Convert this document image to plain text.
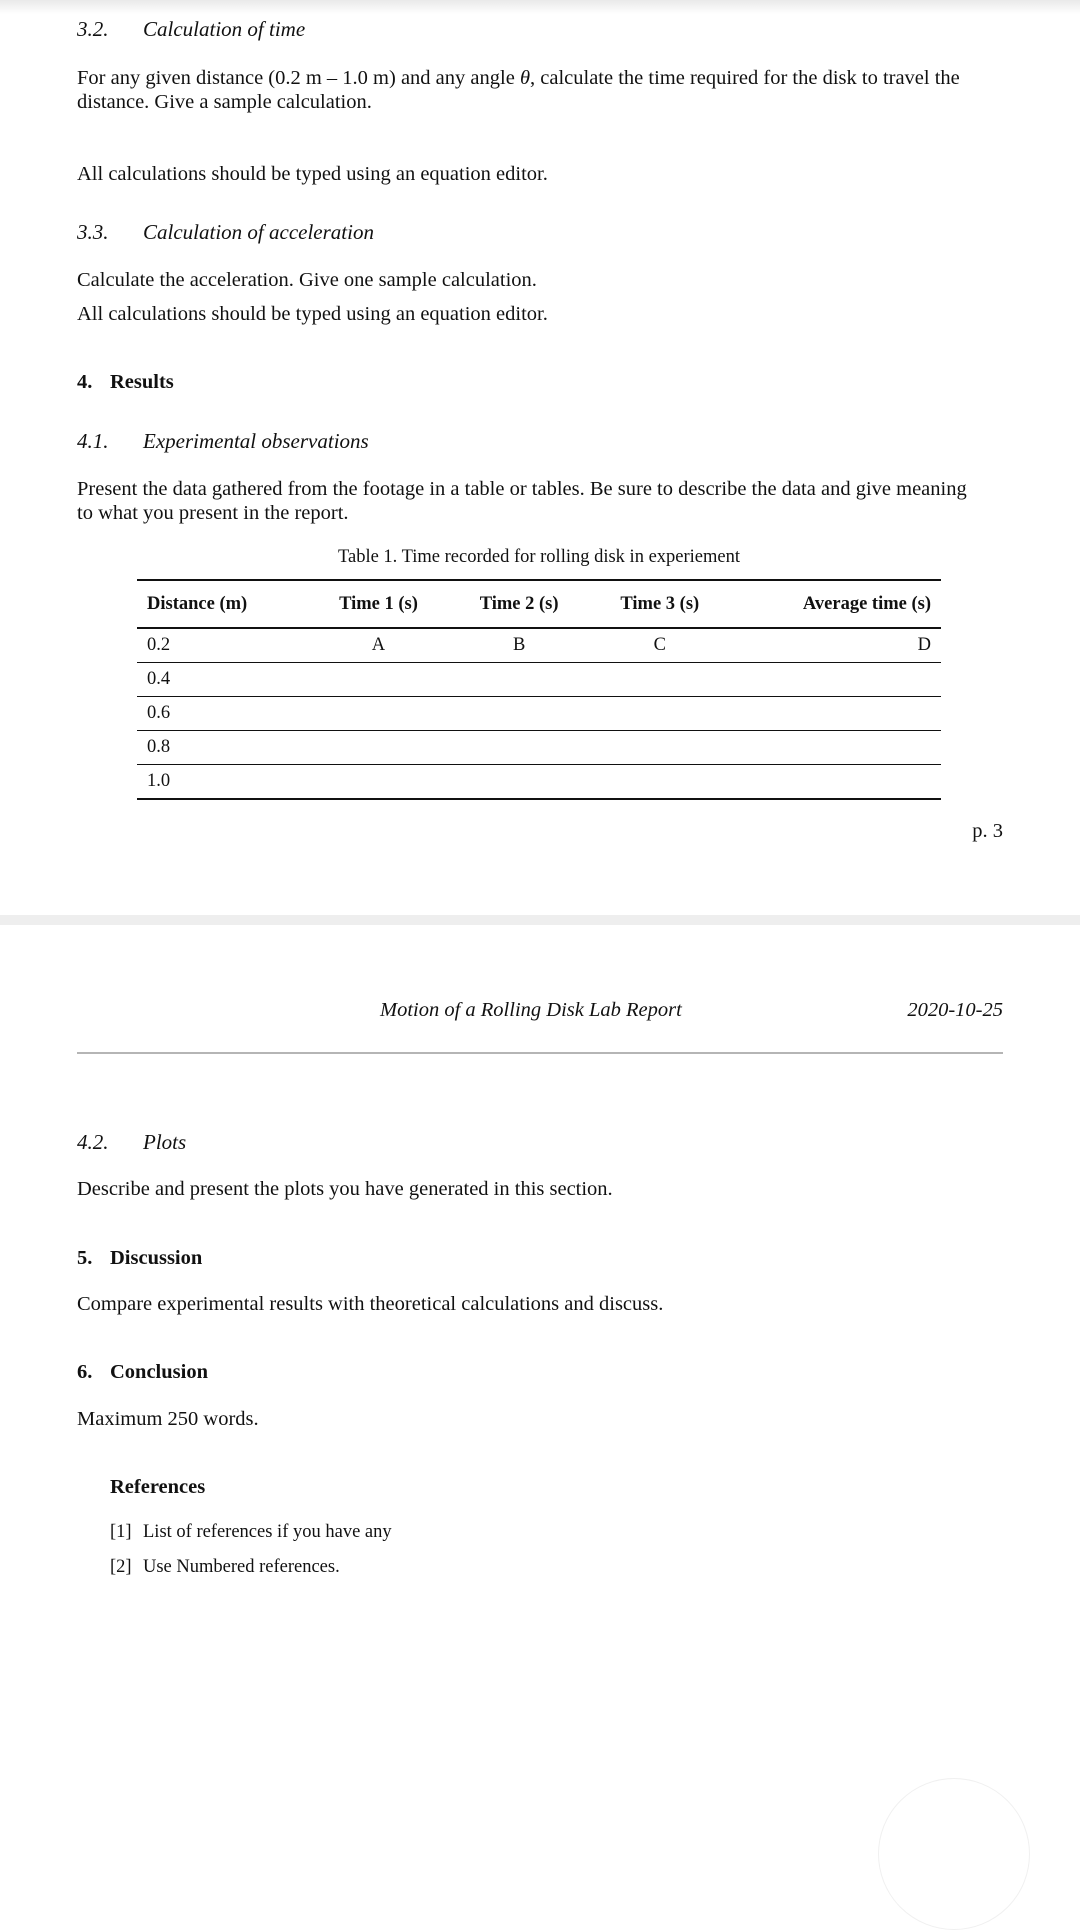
3.2. Calculation of time
For any given distance (0.2 m – 1.0 m) and any angle θ, calculate the time required for the disk to travel the distance. Give a sample calculation.
All calculations should be typed using an equation editor.
3.3. Calculation of acceleration
Calculate the acceleration. Give one sample calculation.
All calculations should be typed using an equation editor.
4. Results
4.1. Experimental observations
Present the data gathered from the footage in a table or tables. Be sure to describe the data and give meaning to what you present in the report.
Table 1. Time recorded for rolling disk in experiement
Distance (m)	Time 1 (s)	Time 2 (s)	Time 3 (s)	Average time (s)
0.2	A	B	C	D
0.4				
0.6				
0.8				
1.0				
p. 3
Motion of a Rolling Disk Lab Report	2020-10-25
4.2. Plots
Describe and present the plots you have generated in this section.
5. Discussion
Compare experimental results with theoretical calculations and discuss.
6. Conclusion
Maximum 250 words.
References
[1] List of references if you have any
[2] Use Numbered references.
